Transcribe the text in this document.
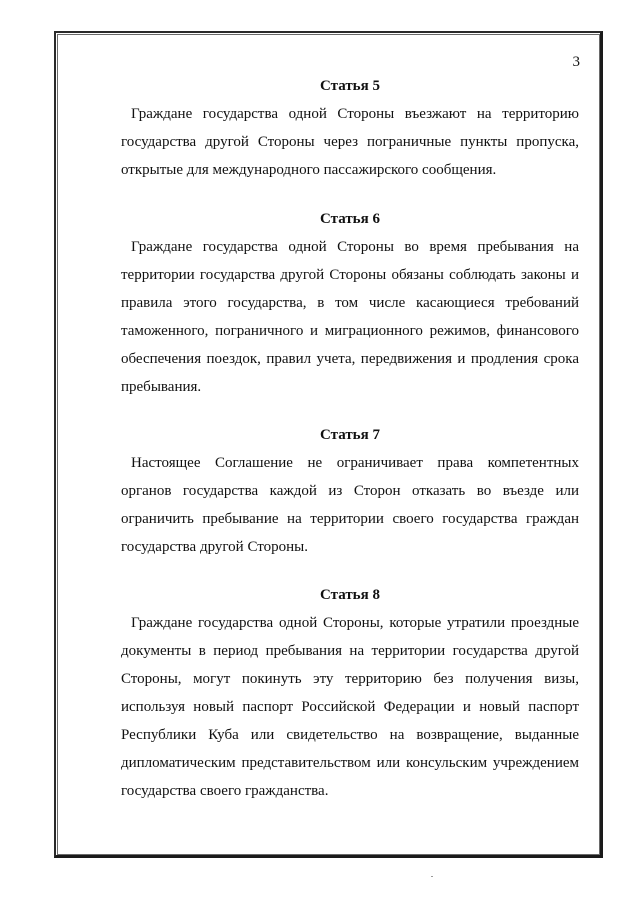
3
Статья 5

Граждане государства одной Стороны въезжают на территорию государства другой Стороны через пограничные пункты пропуска, открытые для международного пассажирского сообщения.

Статья 6

Граждане государства одной Стороны во время пребывания на территории государства другой Стороны обязаны соблюдать законы и правила этого государства, в том числе касающиеся требований таможенного, пограничного и миграционного режимов, финансового обеспечения поездок, правил учета, передвижения и продления срока пребывания.

Статья 7

Настоящее Соглашение не ограничивает права компетентных органов государства каждой из Сторон отказать во въезде или ограничить пребывание на территории своего государства граждан государства другой Стороны.

Статья 8

Граждане государства одной Стороны, которые утратили проездные документы в период пребывания на территории государства другой Стороны, могут покинуть эту территорию без получения визы, используя новый паспорт Российской Федерации и новый паспорт Республики Куба или свидетельство на возвращение, выданные дипломатическим представительством или консульским учреждением государства своего гражданства.
